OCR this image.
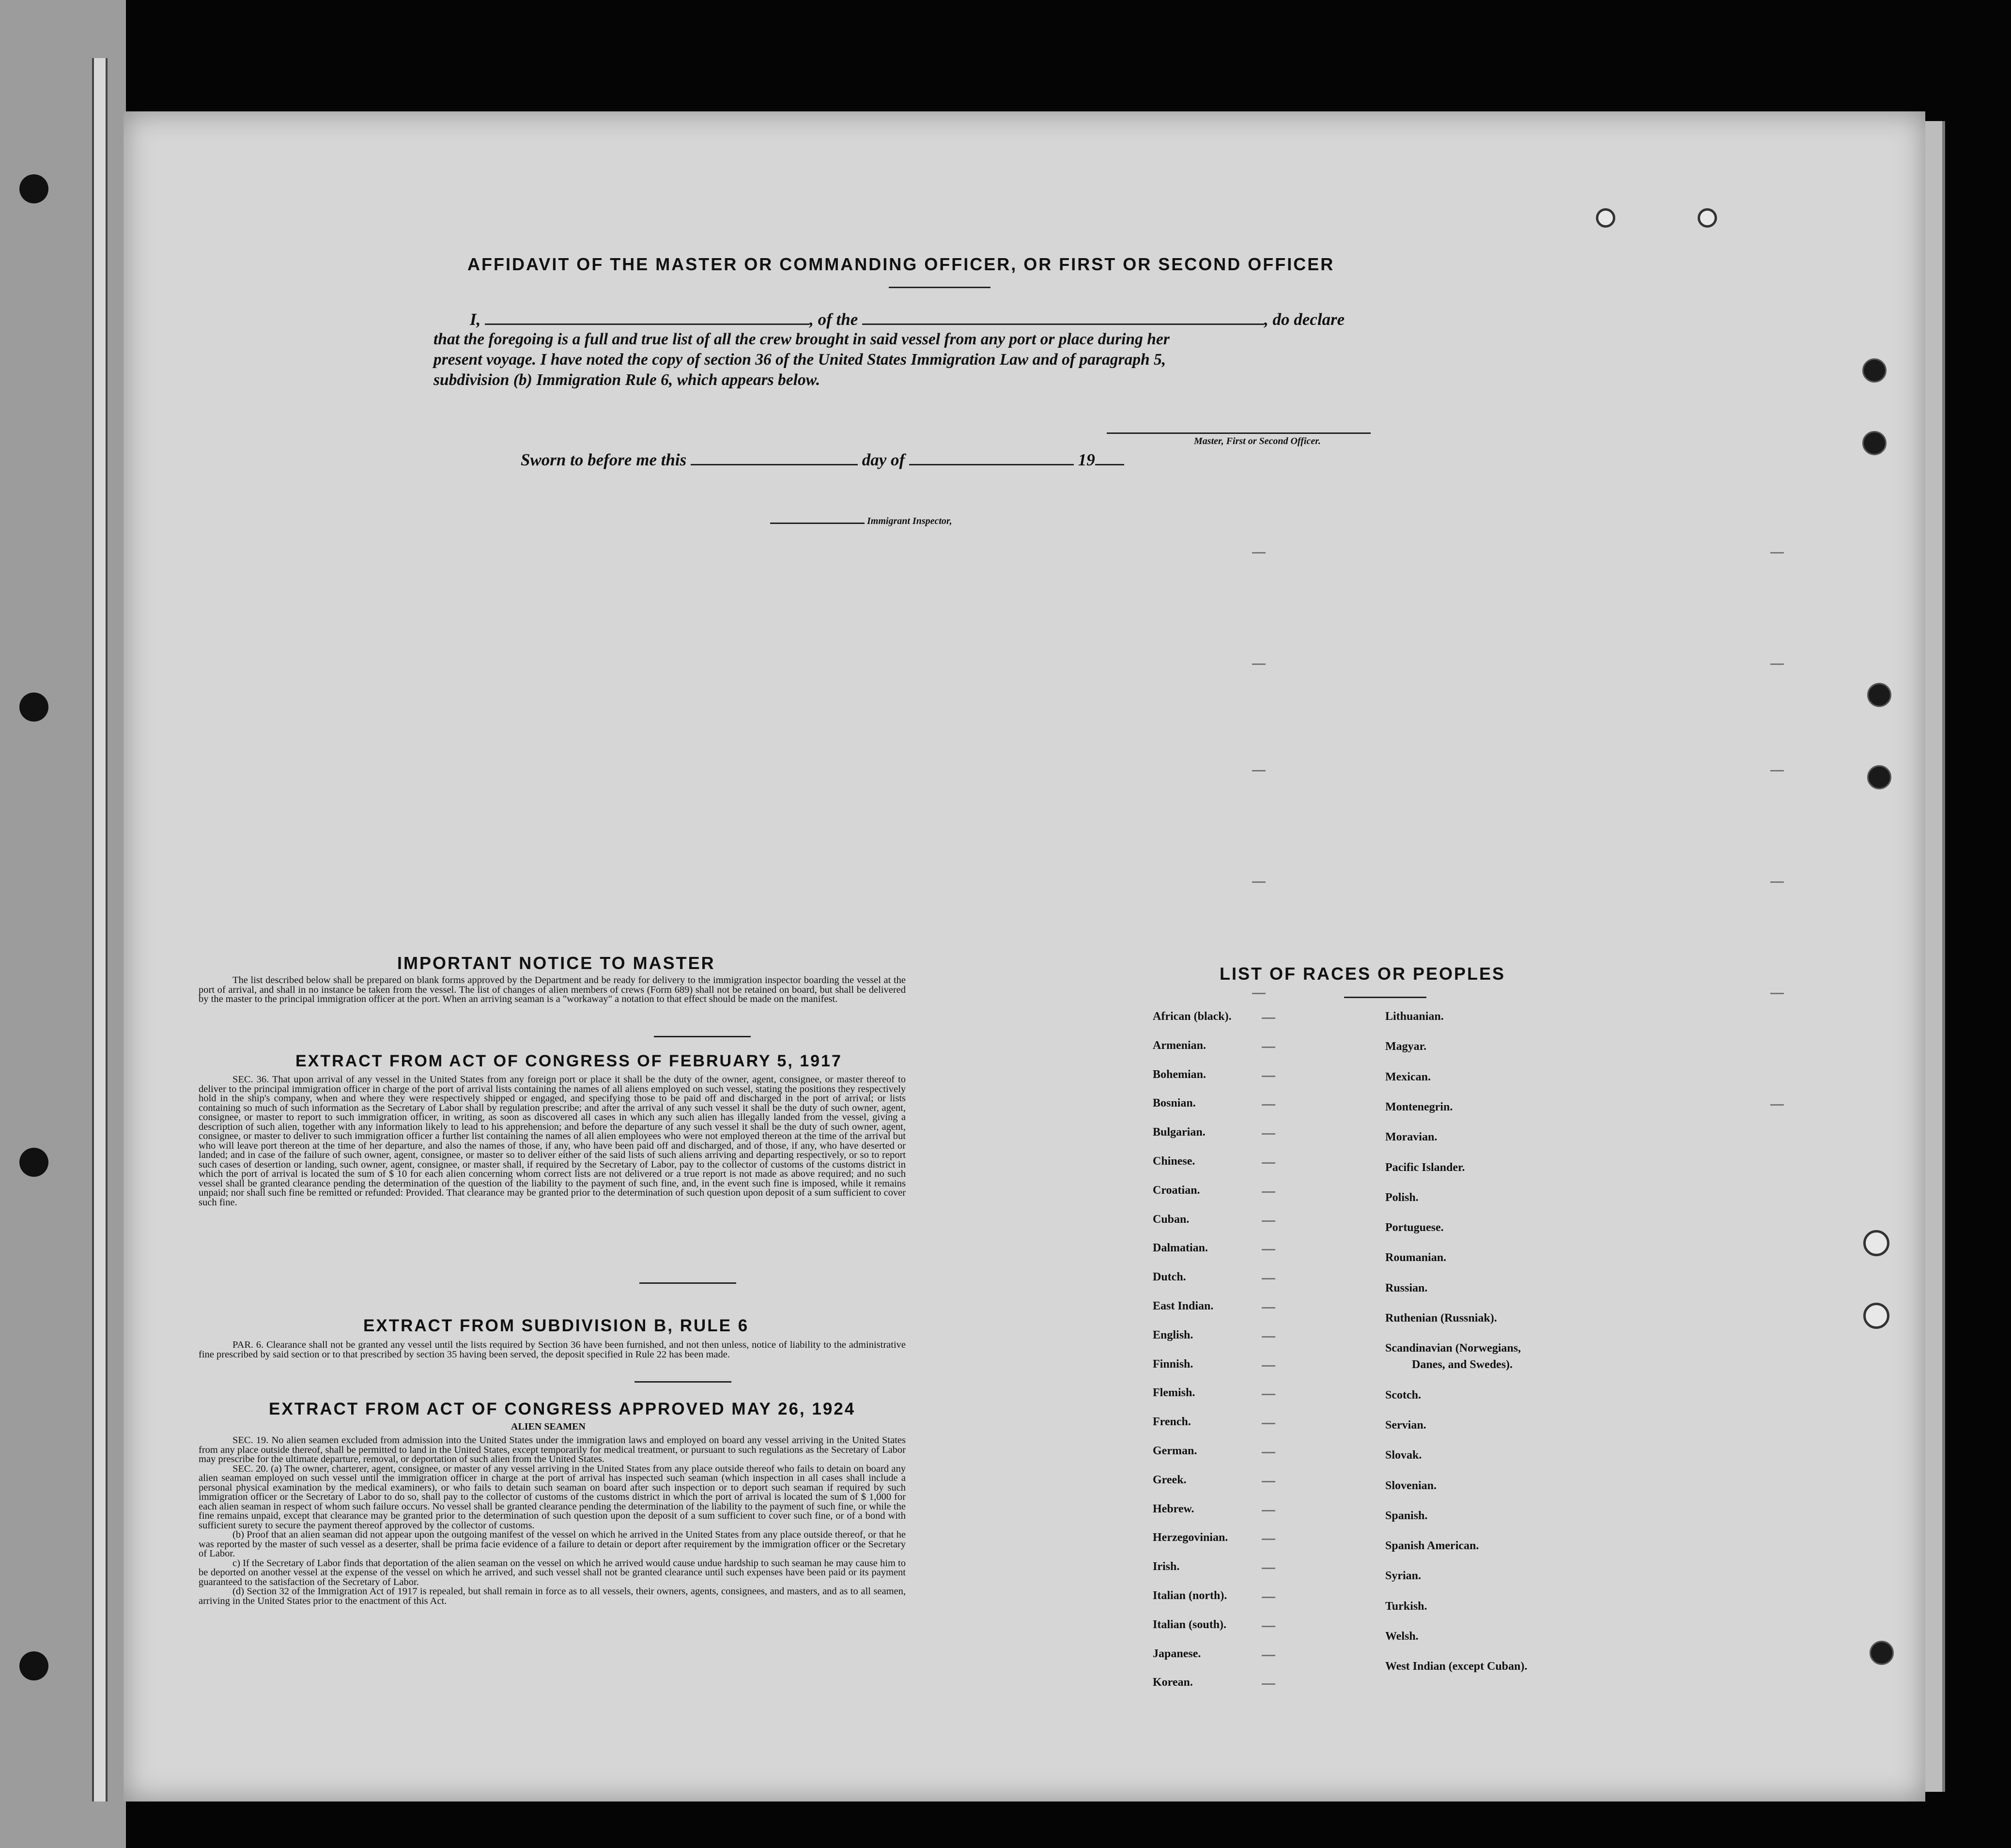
AFFIDAVIT OF THE MASTER OR COMMANDING OFFICER, OR FIRST OR SECOND OFFICER
I,	, of the	, do declare
that the foregoing is a full and true list of all the crew brought in said vessel from any port or place during her
present voyage. I have noted the copy of section 36 of the United States Immigration Law and of paragraph 5,
subdivision (b) Immigration Rule 6, which appears below.
Master, First or Second Officer.
Sworn to before me this	day of	19
Immigrant Inspector,
IMPORTANT NOTICE TO MASTER

The list described below shall be prepared on blank forms approved by the Department and be ready for delivery to the immigration inspector boarding the vessel at the port of arrival, and shall in no instance be taken from the vessel. The list of changes of alien members of crews (Form 689) shall not be retained on board, but shall be delivered by the master to the principal immigration officer at the port. When an arriving seaman is a "workaway" a notation to that effect should be made on the manifest.

EXTRACT FROM ACT OF CONGRESS OF FEBRUARY 5, 1917

SEC. 36. That upon arrival of any vessel in the United States from any foreign port or place it shall be the duty of the owner, agent, consignee, or master thereof to deliver to the principal immigration officer in charge of the port of arrival lists containing the names of all aliens employed on such vessel, stating the positions they respectively hold in the ship's company, when and where they were respectively shipped or engaged, and specifying those to be paid off and discharged in the port of arrival; or lists containing so much of such information as the Secretary of Labor shall by regulation prescribe; and after the arrival of any such vessel it shall be the duty of such owner, agent, consignee, or master to report to such immigration officer, in writing, as soon as discovered all cases in which any such alien has illegally landed from the vessel, giving a description of such alien, together with any information likely to lead to his apprehension; and before the departure of any such vessel it shall be the duty of such owner, agent, consignee, or master to deliver to such immigration officer a further list containing the names of all alien employees who were not employed thereon at the time of the arrival but who will leave port thereon at the time of her departure, and also the names of those, if any, who have been paid off and discharged, and of those, if any, who have deserted or landed; and in case of the failure of such owner, agent, consignee, or master so to deliver either of the said lists of such aliens arriving and departing respectively, or so to report such cases of desertion or landing, such owner, agent, consignee, or master shall, if required by the Secretary of Labor, pay to the collector of customs of the customs district in which the port of arrival is located the sum of $ 10 for each alien concerning whom correct lists are not delivered or a true report is not made as above required; and no such vessel shall be granted clearance pending the determination of the question of the liability to the payment of such fine, and, in the event such fine is imposed, while it remains unpaid; nor shall such fine be remitted or refunded: Provided. That clearance may be granted prior to the determination of such question upon deposit of a sum sufficient to cover such fine.

EXTRACT FROM SUBDIVISION B, RULE 6

PAR. 6. Clearance shall not be granted any vessel until the lists required by Section 36 have been furnished, and not then unless, notice of liability to the administrative fine prescribed by said section or to that prescribed by section 35 having been served, the deposit specified in Rule 22 has been made.

EXTRACT FROM ACT OF CONGRESS APPROVED MAY 26, 1924
ALIEN SEAMEN

SEC. 19. No alien seamen excluded from admission into the United States under the immigration laws and employed on board any vessel arriving in the United States from any place outside thereof, shall be permitted to land in the United States, except temporarily for medical treatment, or pursuant to such regulations as the Secretary of Labor may prescribe for the ultimate departure, removal, or deportation of such alien from the United States.

SEC. 20. (a) The owner, charterer, agent, consignee, or master of any vessel arriving in the United States from any place outside thereof who fails to detain on board any alien seaman employed on such vessel until the immigration officer in charge at the port of arrival has inspected such seaman (which inspection in all cases shall include a personal physical examination by the medical examiners), or who fails to detain such seaman on board after such inspection or to deport such seaman if required by such immigration officer or the Secretary of Labor to do so, shall pay to the collector of customs of the customs district in which the port of arrival is located the sum of $ 1,000 for each alien seaman in respect of whom such failure occurs. No vessel shall be granted clearance pending the determination of the liability to the payment of such fine, or while the fine remains unpaid, except that clearance may be granted prior to the determination of such question upon the deposit of a sum sufficient to cover such fine, or of a bond with sufficient surety to secure the payment thereof approved by the collector of customs.

(b) Proof that an alien seaman did not appear upon the outgoing manifest of the vessel on which he arrived in the United States from any place outside thereof, or that he was reported by the master of such vessel as a deserter, shall be prima facie evidence of a failure to detain or deport after requirement by the immigration officer or the Secretary of Labor.

c) If the Secretary of Labor finds that deportation of the alien seaman on the vessel on which he arrived would cause undue hardship to such seaman he may cause him to be deported on another vessel at the expense of the vessel on which he arrived, and such vessel shall not be granted clearance until such expenses have been paid or its payment guaranteed to the satisfaction of the Secretary of Labor.

(d) Section 32 of the Immigration Act of 1917 is repealed, but shall remain in force as to all vessels, their owners, agents, consignees, and masters, and as to all seamen, arriving in the United States prior to the enactment of this Act.

LIST OF RACES OR PEOPLES
African (black).
Armenian.
Bohemian.
Bosnian.
Bulgarian.
Chinese.
Croatian.
Cuban.
Dalmatian.
Dutch.
East Indian.
English.
Finnish.
Flemish.
French.
German.
Greek.
Hebrew.
Herzegovinian.
Irish.
Italian (north).
Italian (south).
Japanese.
Korean.
Lithuanian.
Magyar.
Mexican.
Montenegrin.
Moravian.
Pacific Islander.
Polish.
Portuguese.
Roumanian.
Russian.
Ruthenian (Russniak).
Scandinavian (Norwegians,
Danes, and Swedes).
Scotch.
Servian.
Slovak.
Slovenian.
Spanish.
Spanish American.
Syrian.
Turkish.
Welsh.
West Indian (except Cuban).
